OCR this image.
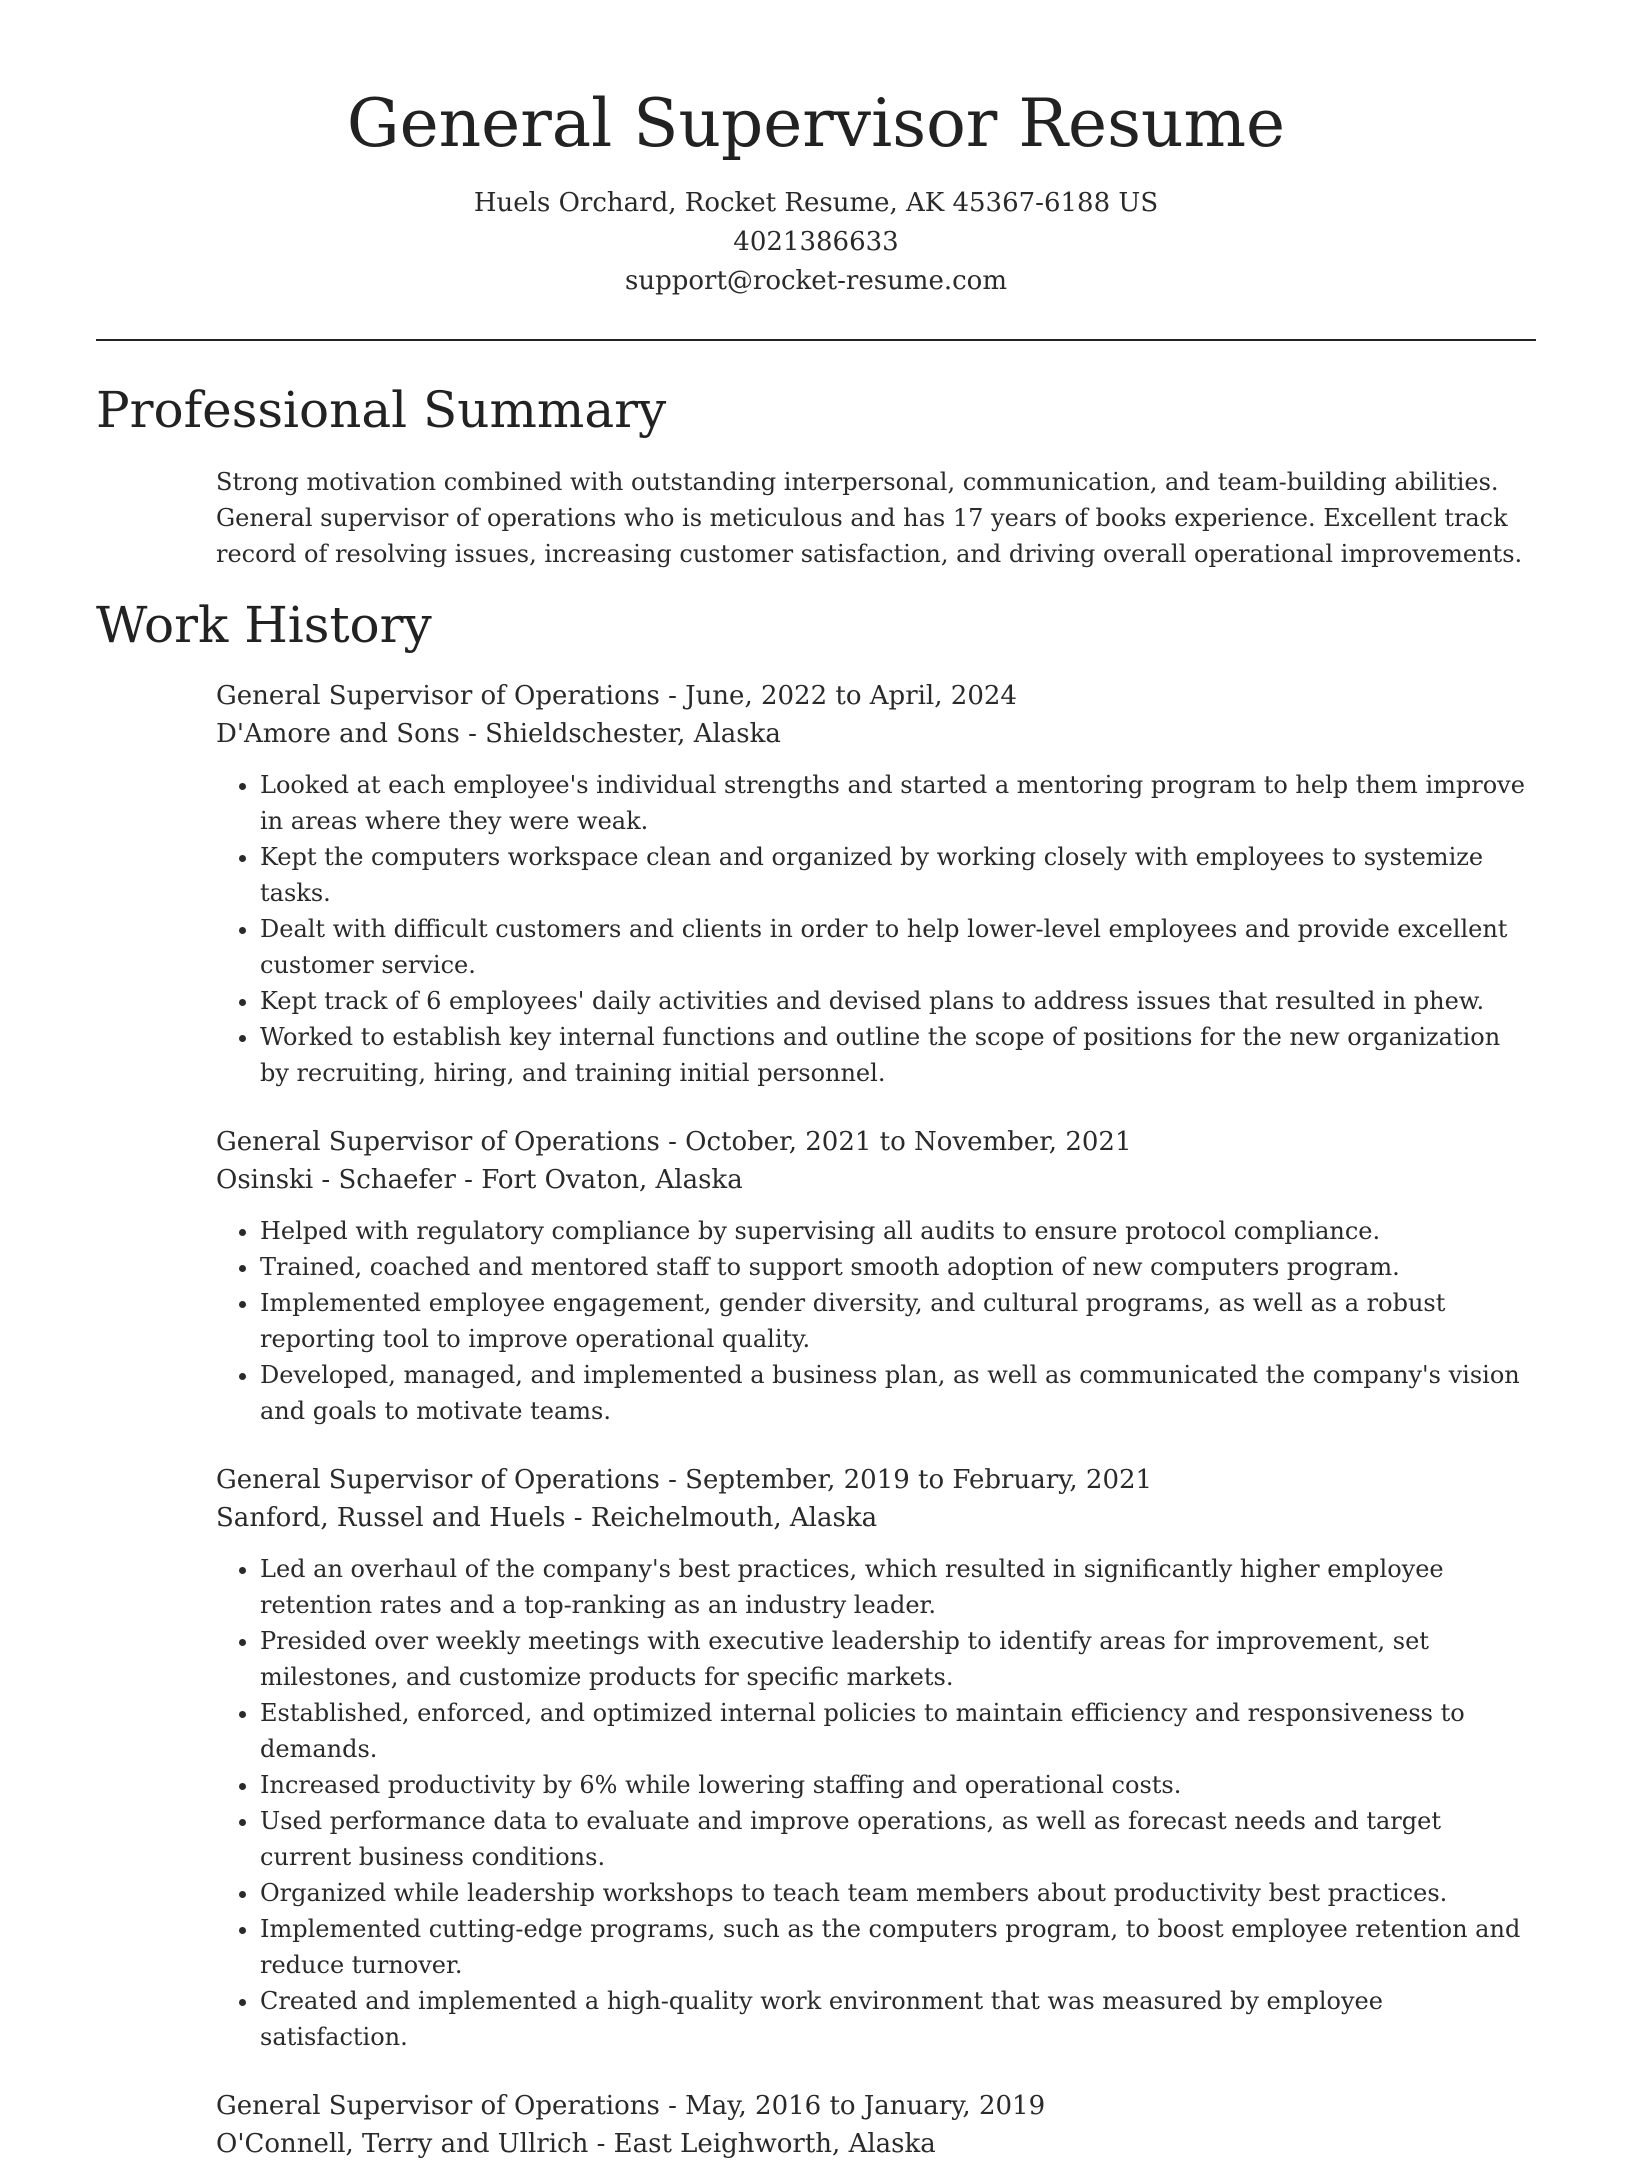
General Supervisor Resume
Huels Orchard, Rocket Resume, AK 45367-6188 US
4021386633
support@rocket-resume.com
Professional Summary

Strong motivation combined with outstanding interpersonal, communication, and team-building abilities. General supervisor of operations who is meticulous and has 17 years of books experience. Excellent track record of resolving issues, increasing customer satisfaction, and driving overall operational improvements.

Work History
General Supervisor of Operations - June, 2022 to April, 2024
D'Amore and Sons - Shieldschester, Alaska
• Looked at each employee's individual strengths and started a mentoring program to help them improve in areas where they were weak.
• Kept the computers workspace clean and organized by working closely with employees to systemize tasks.
• Dealt with difficult customers and clients in order to help lower-level employees and provide excellent customer service.
• Kept track of 6 employees' daily activities and devised plans to address issues that resulted in phew.
• Worked to establish key internal functions and outline the scope of positions for the new organization by recruiting, hiring, and training initial personnel.
General Supervisor of Operations - October, 2021 to November, 2021
Osinski - Schaefer - Fort Ovaton, Alaska
• Helped with regulatory compliance by supervising all audits to ensure protocol compliance.
• Trained, coached and mentored staff to support smooth adoption of new computers program.
• Implemented employee engagement, gender diversity, and cultural programs, as well as a robust reporting tool to improve operational quality.
• Developed, managed, and implemented a business plan, as well as communicated the company's vision and goals to motivate teams.
General Supervisor of Operations - September, 2019 to February, 2021
Sanford, Russel and Huels - Reichelmouth, Alaska
• Led an overhaul of the company's best practices, which resulted in significantly higher employee retention rates and a top-ranking as an industry leader.
• Presided over weekly meetings with executive leadership to identify areas for improvement, set milestones, and customize products for specific markets.
• Established, enforced, and optimized internal policies to maintain efficiency and responsiveness to demands.
• Increased productivity by 6% while lowering staffing and operational costs.
• Used performance data to evaluate and improve operations, as well as forecast needs and target current business conditions.
• Organized while leadership workshops to teach team members about productivity best practices.
• Implemented cutting-edge programs, such as the computers program, to boost employee retention and reduce turnover.
• Created and implemented a high-quality work environment that was measured by employee satisfaction.
General Supervisor of Operations - May, 2016 to January, 2019
O'Connell, Terry and Ullrich - East Leighworth, Alaska
